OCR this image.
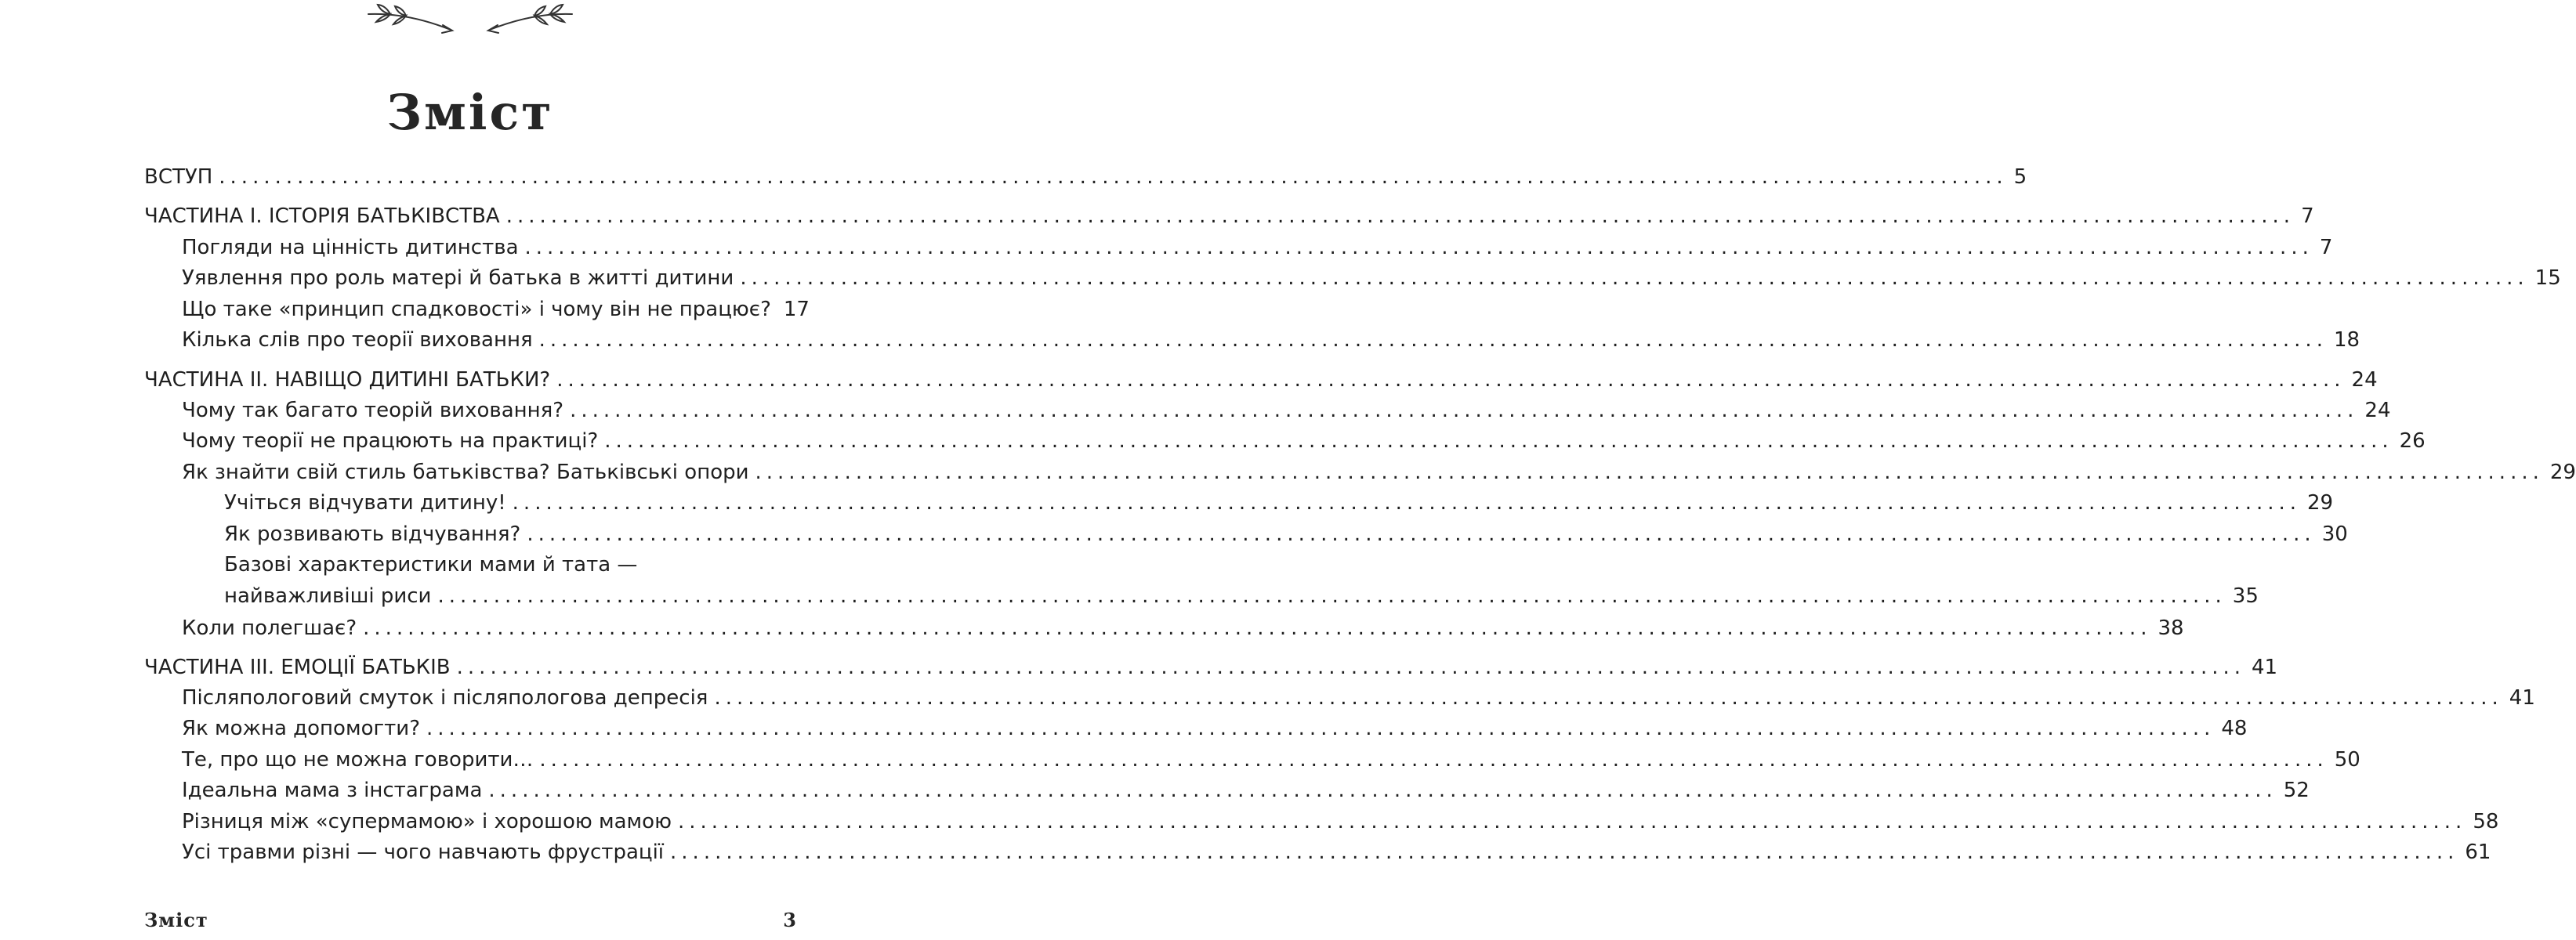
Зміст
ВСТУП ................................................................................................................................................................ 5
ЧАСТИНА І. ІСТОРІЯ БАТЬКІВСТВА ................................................................................................................................................................ 7
Погляди на цінність дитинства ................................................................................................................................................................ 7
Уявлення про роль матері й батька в житті дитини ................................................................................................................................................................ 15
Що таке «принцип спадковості» і чому він не працює? 17
Кілька слів про теорії виховання ................................................................................................................................................................ 18
ЧАСТИНА ІІ. НАВІЩО ДИТИНІ БАТЬКИ? ................................................................................................................................................................ 24
Чому так багато теорій виховання? ................................................................................................................................................................ 24
Чому теорії не працюють на практиці? ................................................................................................................................................................ 26
Як знайти свій стиль батьківства? Батьківські опори ................................................................................................................................................................ 29
Учіться відчувати дитину! ................................................................................................................................................................ 29
Як розвивають відчування? ................................................................................................................................................................ 30
Базові характеристики мами й тата —
найважливіші риси ................................................................................................................................................................ 35
Коли полегшає? ................................................................................................................................................................ 38
ЧАСТИНА ІІІ. ЕМОЦІЇ БАТЬКІВ ................................................................................................................................................................ 41
Післяпологовий смуток і післяпологова депресія ................................................................................................................................................................ 41
Як можна допомогти? ................................................................................................................................................................ 48
Те, про що не можна говорити… ................................................................................................................................................................ 50
Ідеальна мама з інстаграма ................................................................................................................................................................ 52
Різниця між «супермамою» і хорошою мамою ................................................................................................................................................................ 58
Усі травми різні — чого навчають фрустрації ................................................................................................................................................................ 61
Зміст	3
